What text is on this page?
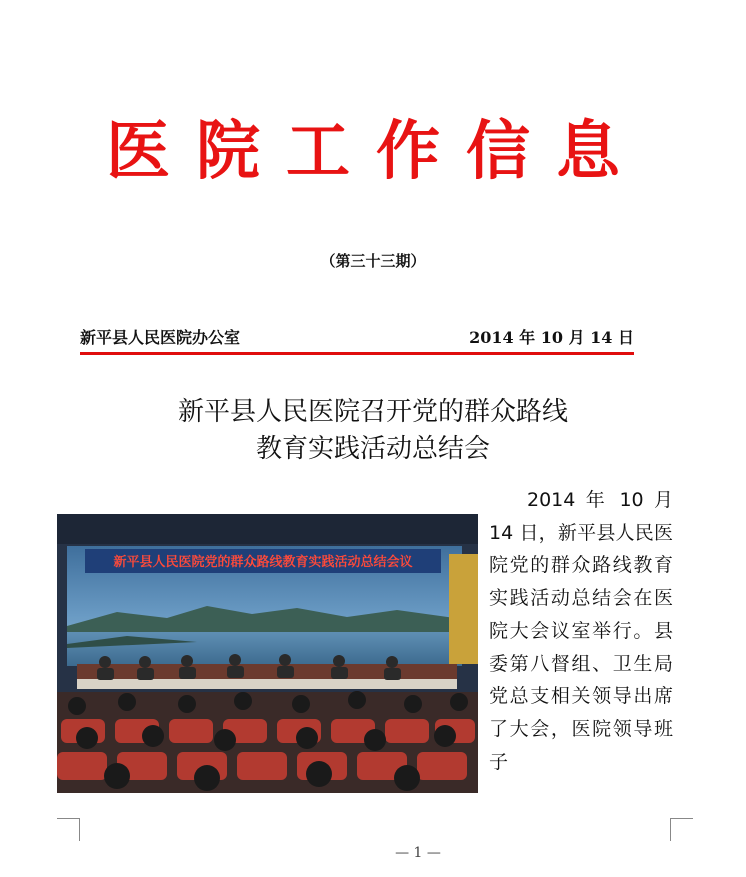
医院工作信息
（第三十三期）
新平县人民医院办公室	2014 年 10 月 14 日
新平县人民医院召开党的群众路线
教育实践活动总结会
新平县人民医院党的群众路线教育实践活动总结会议
2014 年 10 月 14 日，新平县人民医院党的群众路线教育实践活动总结会在医院大会议室举行。县委第八督组、卫生局党总支相关领导出席了大会，医院领导班子
— 1 —
